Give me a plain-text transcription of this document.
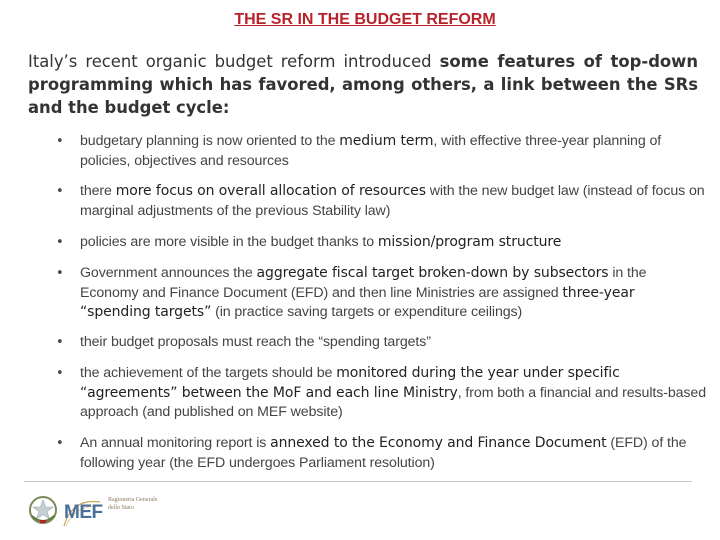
THE SR IN THE BUDGET REFORM
Italy’s recent organic budget reform introduced some features of top-down programming which has favored, among others, a link between the SRs and the budget cycle:
•	budgetary planning is now oriented to the medium term, with effective three-year planning of policies, objectives and resources
•	there more focus on overall allocation of resources with the new budget law (instead of focus on marginal adjustments of the previous Stability law)
•	policies are more visible in the budget thanks to mission/program structure
•	Government announces the aggregate fiscal target broken-down by subsectors in the Economy and Finance Document (EFD) and then line Ministries are assigned three-year “spending targets” (in practice saving targets or expenditure ceilings)
•	their budget proposals must reach the “spending targets”
•	the achievement of the targets should be monitored during the year under specific “agreements” between the MoF and each line Ministry, from both a financial and results-based approach (and published on MEF website)
•	An annual monitoring report is annexed to the Economy and Finance Document (EFD) of the following year (the EFD undergoes Parliament resolution)
MEF
Ragioneria Generale dello Stato
